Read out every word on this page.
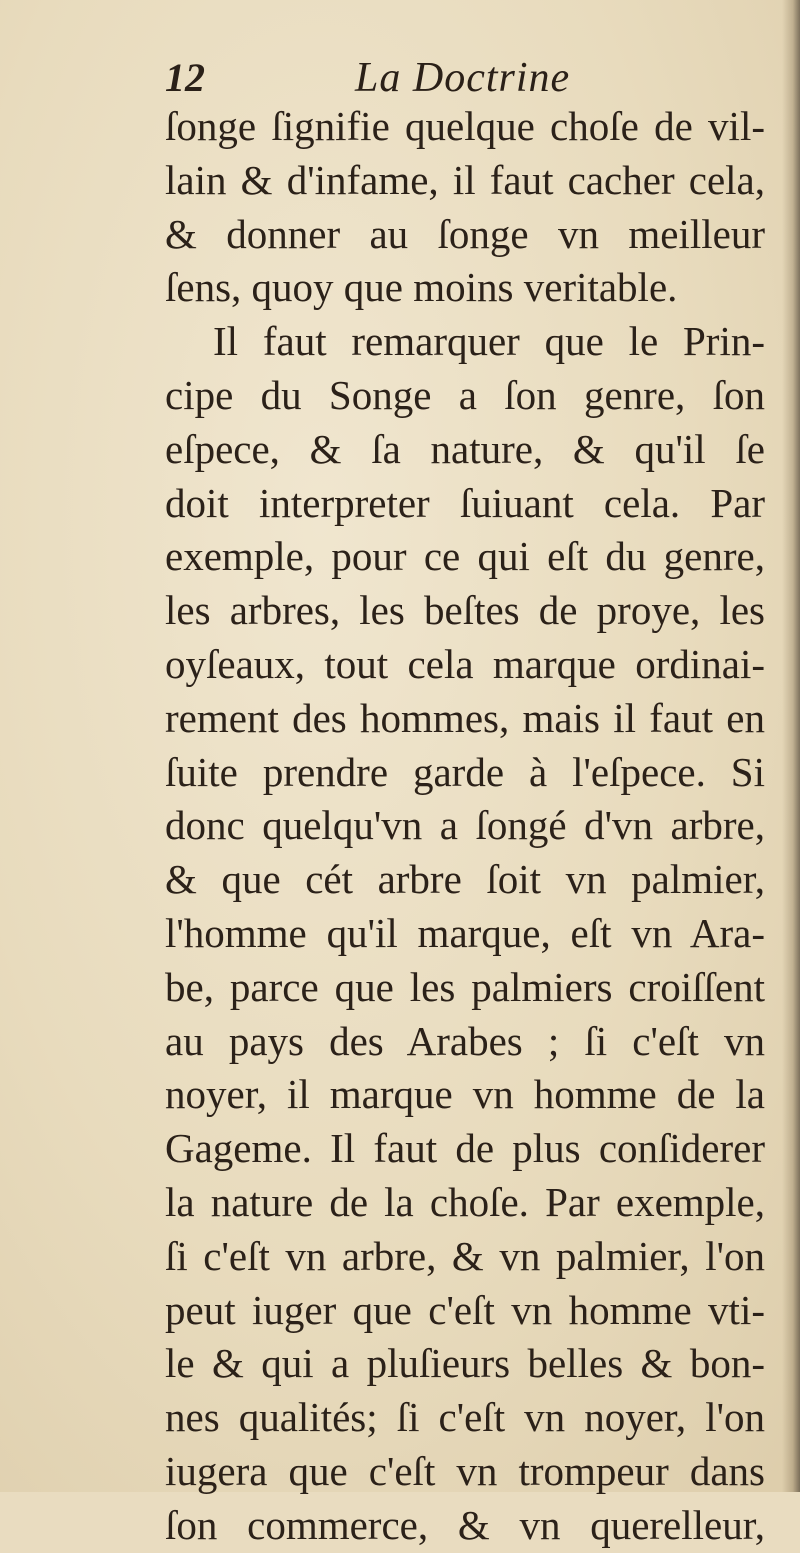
12	La Doctrine
ſonge ſignifie quelque choſe de vil-
lain & d'infame, il faut cacher cela,
& donner au ſonge vn meilleur
ſens, quoy que moins veritable.
Il faut remarquer que le Prin-
cipe du Songe a ſon genre, ſon
eſpece, & ſa nature, & qu'il ſe
doit interpreter ſuiuant cela. Par
exemple, pour ce qui eſt du genre,
les arbres, les beſtes de proye, les
oyſeaux, tout cela marque ordinai-
rement des hommes, mais il faut en
ſuite prendre garde à l'eſpece. Si
donc quelqu'vn a ſongé d'vn arbre,
& que cét arbre ſoit vn palmier,
l'homme qu'il marque, eſt vn Ara-
be, parce que les palmiers croiſſent
au pays des Arabes ; ſi c'eſt vn
noyer, il marque vn homme de la
Gageme. Il faut de plus conſiderer
la nature de la choſe. Par exemple,
ſi c'eſt vn arbre, & vn palmier, l'on
peut iuger que c'eſt vn homme vti-
le & qui a pluſieurs belles & bon-
nes qualités; ſi c'eſt vn noyer, l'on
iugera que c'eſt vn trompeur dans
ſon commerce, & vn querelleur,
